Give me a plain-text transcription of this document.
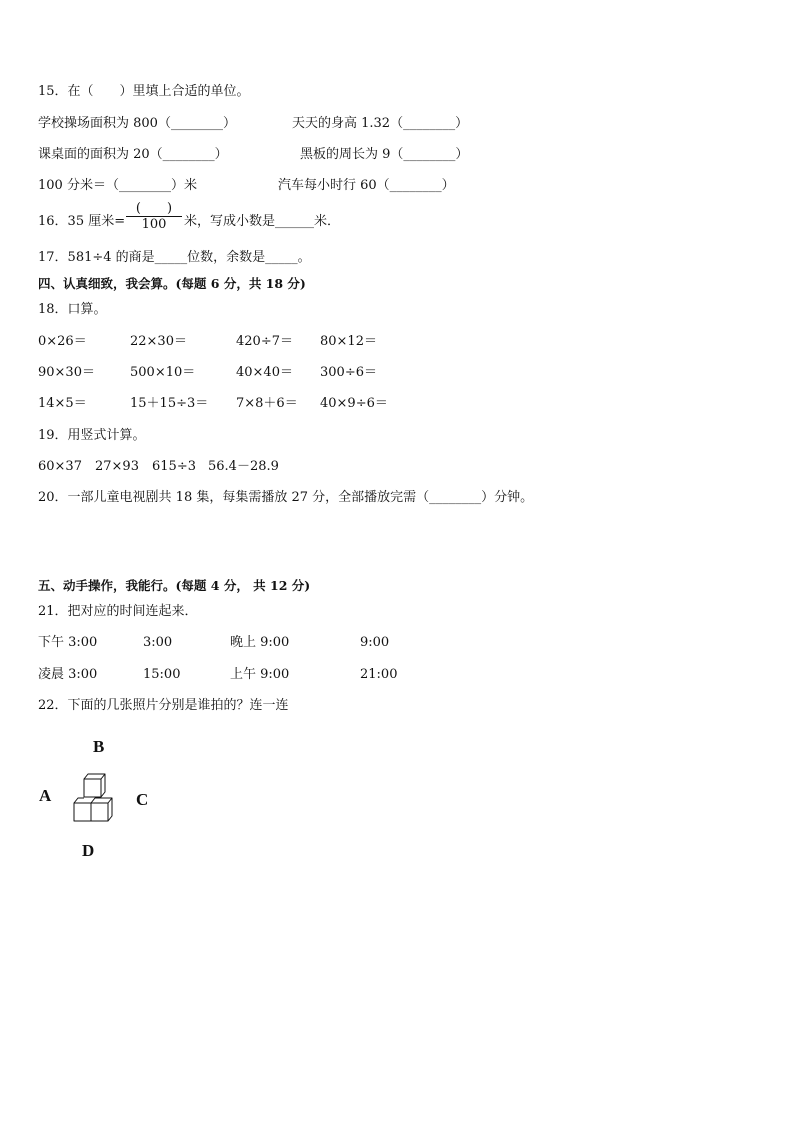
15．在（　　）里填上合适的单位。
学校操场面积为 800（________）	天天的身高 1.32（________）
课桌面的面积为 20（________）	黑板的周长为 9（________）
100 分米＝（________）米	汽车每小时行 60（________）
16．35 厘米=
(　　)
100	米，写成小数是______米．
17．581÷4 的商是_____位数，余数是_____。
四、认真细致，我会算。(每题 6 分，共 18 分)
18．口算。
0×26＝	22×30＝	420÷7＝ 80×12＝
90×30＝	500×10＝	40×40＝ 300÷6＝
14×5＝	15＋15÷3＝ 7×8＋6＝ 40×9÷6＝
19．用竖式计算。
60×37 27×93 615÷3 56.4－28.9
20．一部儿童电视剧共 18 集，每集需播放 27 分，全部播放完需（________）分钟。
五、动手操作，我能行。(每题 4 分， 共 12 分)
21．把对应的时间连起来．
下午 3:00	3:00	晚上 9:00	9:00
凌晨 3:00	15:00	上午 9:00	21:00
22．下面的几张照片分别是谁拍的？连一连
B
A	C
D
